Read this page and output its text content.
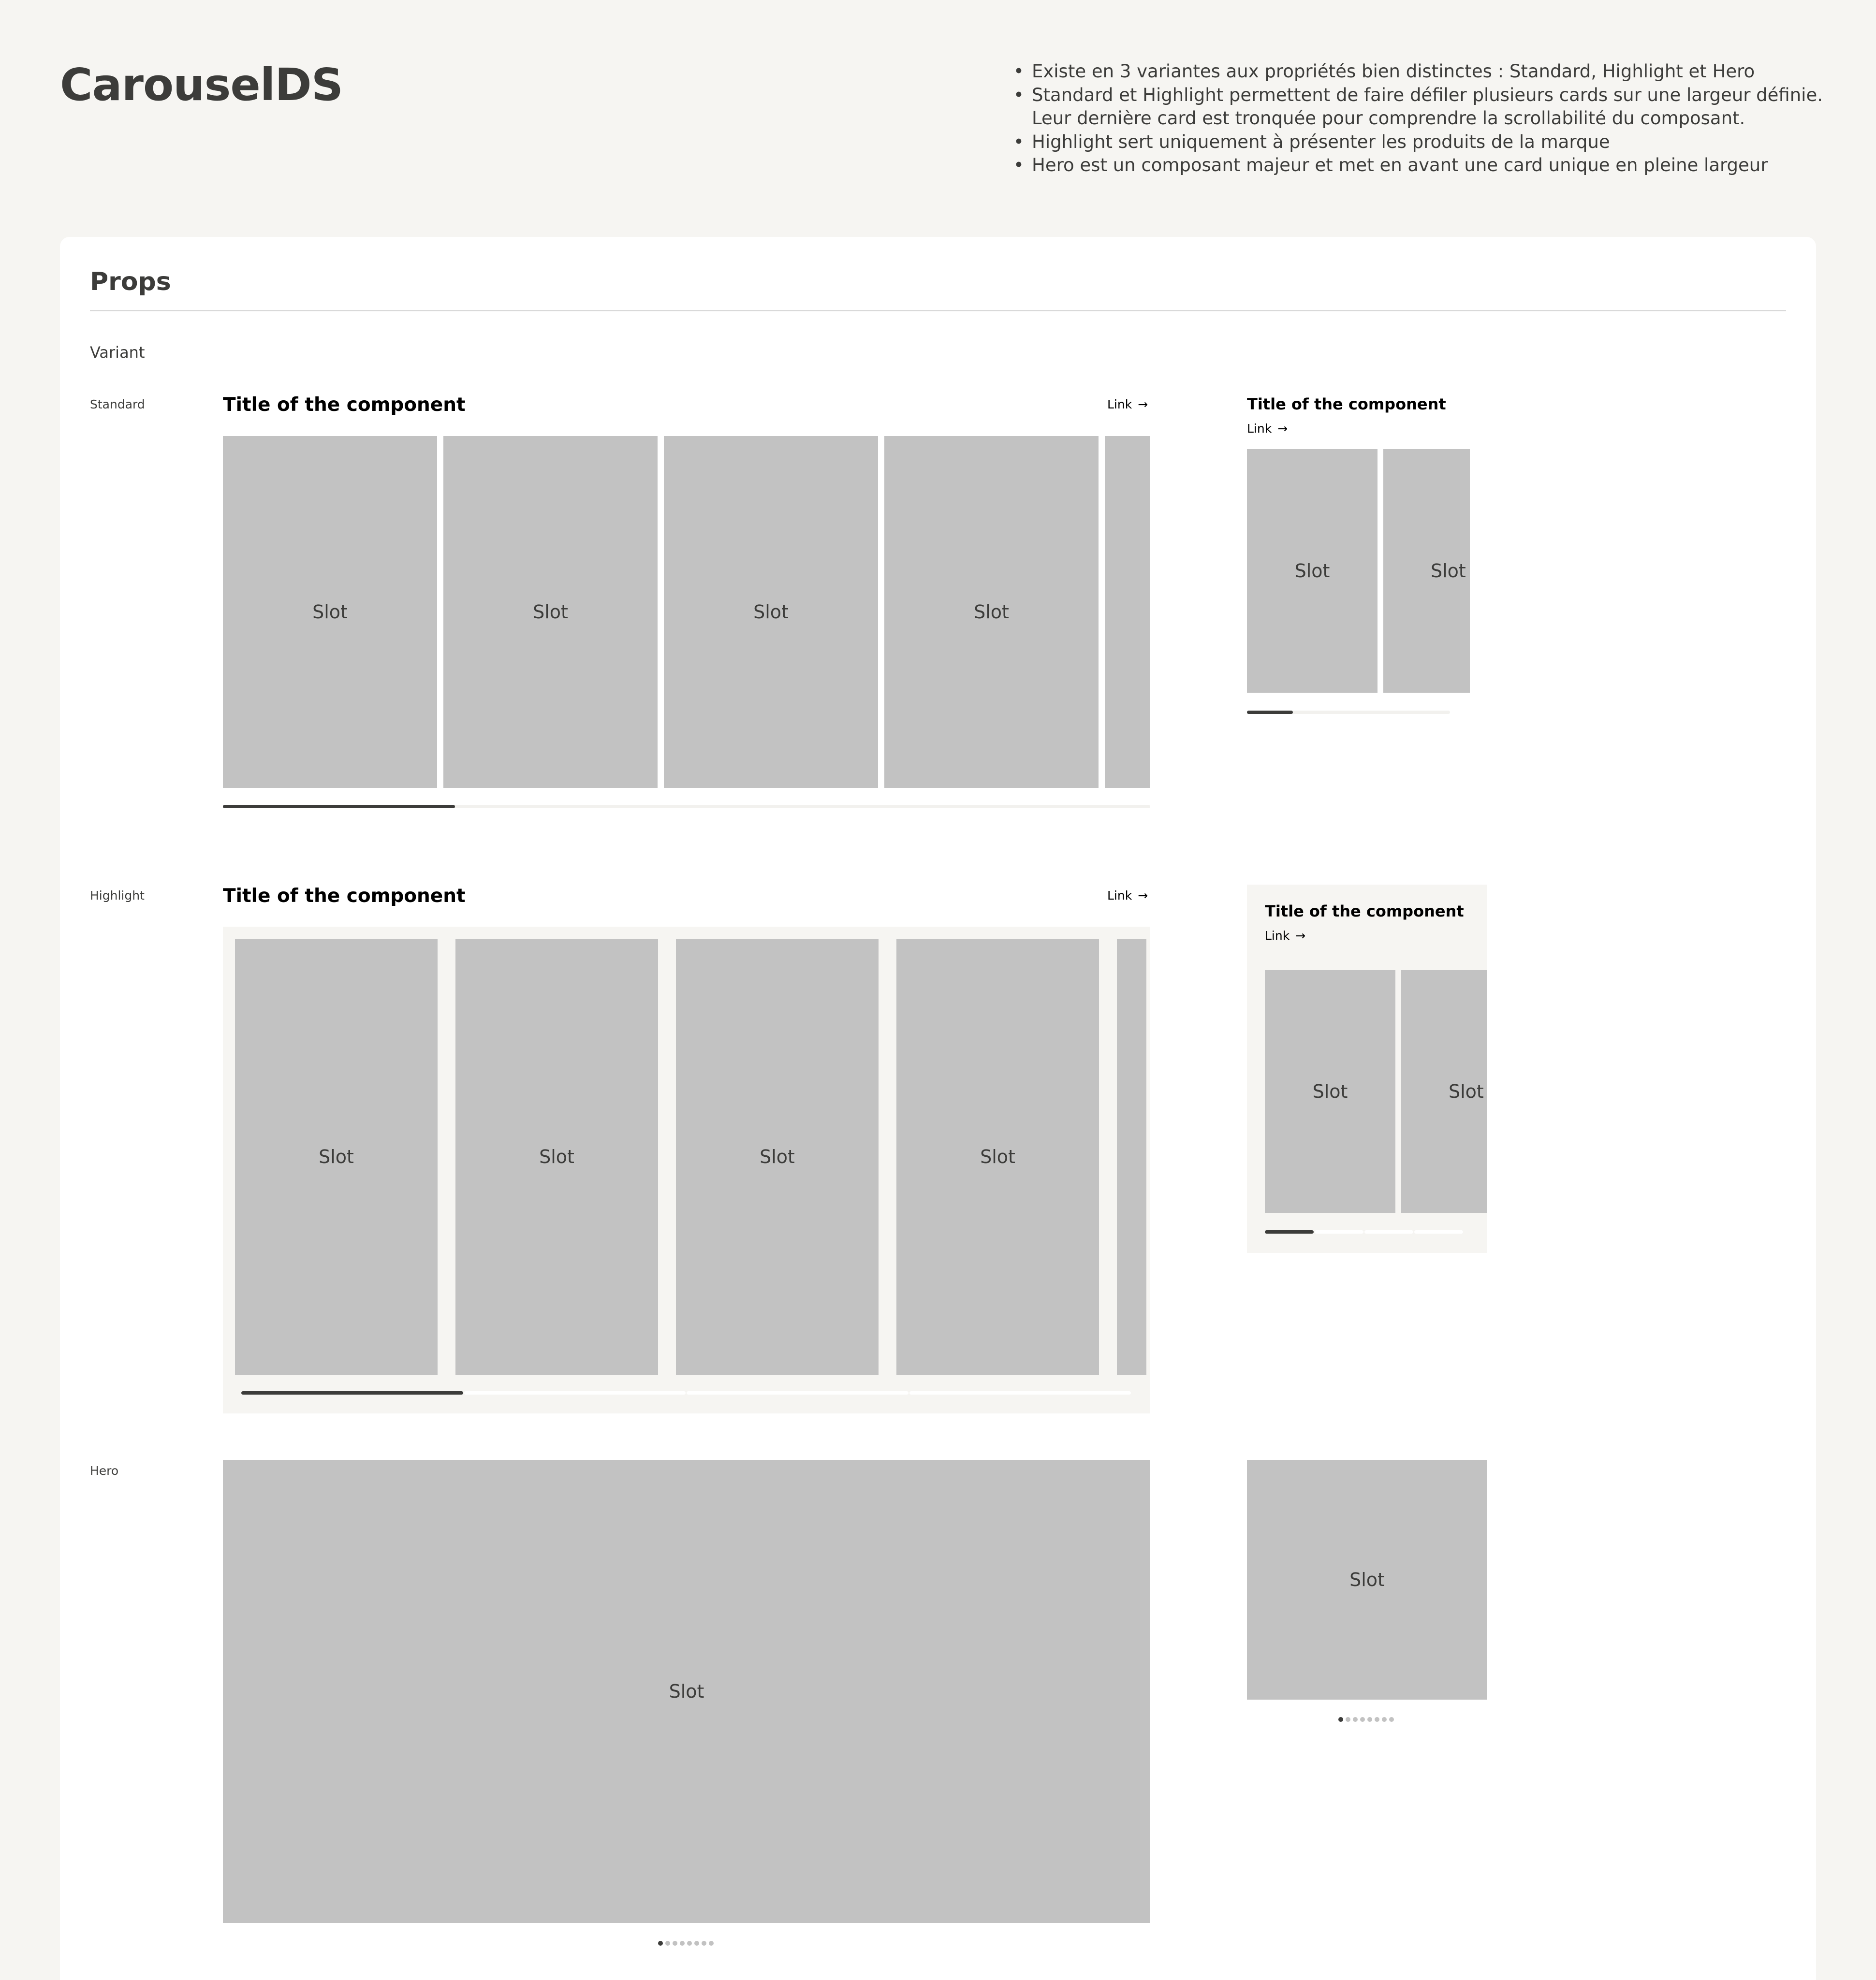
CarouselDS	• Existe en 3 variantes aux propriétés bien distinctes : Standard, Highlight et Hero
• Standard et Highlight permettent de faire défiler plusieurs cards sur une largeur définie.
Leur dernière card est tronquée pour comprendre la scrollabilité du composant.
• Highlight sert uniquement à présenter les produits de la marque
• Hero est un composant majeur et met en avant une card unique en pleine largeur
Props
Variant
Standard	Title of the component	Link →
Slot	Slot	Slot	Slot
Title of the component
Link →
Slot	Slot
Highlight	Title of the component	Link →
Slot	Slot	Slot	Slot
Title of the component
Link →
Slot	Slot
Hero
Slot
Slot
